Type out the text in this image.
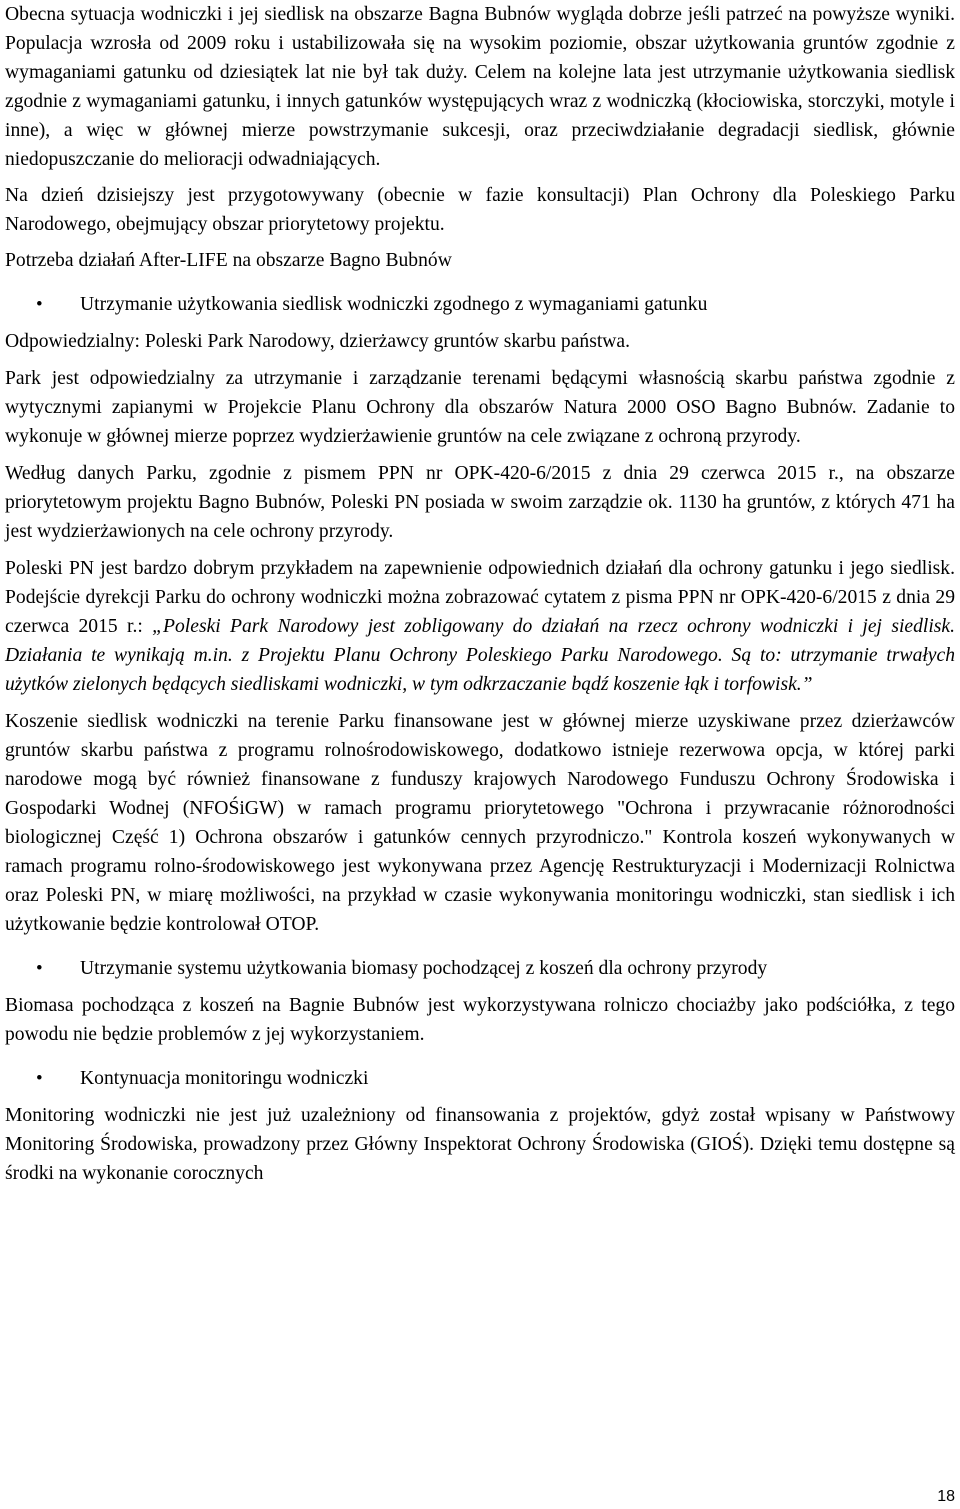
Obecna sytuacja wodniczki i jej siedlisk na obszarze Bagna Bubnów wygląda dobrze jeśli patrzeć na powyższe wyniki. Populacja wzrosła od 2009 roku i ustabilizowała się na wysokim poziomie, obszar użytkowania gruntów zgodnie z wymaganiami gatunku od dziesiątek lat nie był tak duży. Celem na kolejne lata jest utrzymanie użytkowania siedlisk zgodnie z wymaganiami gatunku, i innych gatunków występujących wraz z wodniczką (kłociowiska, storczyki, motyle i inne), a więc w głównej mierze powstrzymanie sukcesji, oraz przeciwdziałanie degradacji siedlisk, głównie niedopuszczanie do melioracji odwadniających.

Na dzień dzisiejszy jest przygotowywany (obecnie w fazie konsultacji) Plan Ochrony dla Poleskiego Parku Narodowego, obejmujący obszar priorytetowy projektu.

Potrzeba działań After-LIFE na obszarze Bagno Bubnów

• Utrzymanie użytkowania siedlisk wodniczki zgodnego z wymaganiami gatunku

Odpowiedzialny: Poleski Park Narodowy, dzierżawcy gruntów skarbu państwa.

Park jest odpowiedzialny za utrzymanie i zarządzanie terenami będącymi własnością skarbu państwa zgodnie z wytycznymi zapianymi w Projekcie Planu Ochrony dla obszarów Natura 2000 OSO Bagno Bubnów. Zadanie to wykonuje w głównej mierze poprzez wydzierżawienie gruntów na cele związane z ochroną przyrody.

Według danych Parku, zgodnie z pismem PPN nr OPK-420-6/2015 z dnia 29 czerwca 2015 r., na obszarze priorytetowym projektu Bagno Bubnów, Poleski PN posiada w swoim zarządzie ok. 1130 ha gruntów, z których 471 ha jest wydzierżawionych na cele ochrony przyrody.

Poleski PN jest bardzo dobrym przykładem na zapewnienie odpowiednich działań dla ochrony gatunku i jego siedlisk. Podejście dyrekcji Parku do ochrony wodniczki można zobrazować cytatem z pisma PPN nr OPK-420-6/2015 z dnia 29 czerwca 2015 r.: „Poleski Park Narodowy jest zobligowany do działań na rzecz ochrony wodniczki i jej siedlisk. Działania te wynikają m.in. z Projektu Planu Ochrony Poleskiego Parku Narodowego. Są to: utrzymanie trwałych użytków zielonych będących siedliskami wodniczki, w tym odkrzaczanie bądź koszenie łąk i torfowisk.”

Koszenie siedlisk wodniczki na terenie Parku finansowane jest w głównej mierze uzyskiwane przez dzierżawców gruntów skarbu państwa z programu rolnośrodowiskowego, dodatkowo istnieje rezerwowa opcja, w której parki narodowe mogą być również finansowane z funduszy krajowych Narodowego Funduszu Ochrony Środowiska i Gospodarki Wodnej (NFOŚiGW) w ramach programu priorytetowego "Ochrona i przywracanie różnorodności biologicznej Część 1) Ochrona obszarów i gatunków cennych przyrodniczo." Kontrola koszeń wykonywanych w ramach programu rolno-środowiskowego jest wykonywana przez Agencję Restrukturyzacji i Modernizacji Rolnictwa oraz Poleski PN, w miarę możliwości, na przykład w czasie wykonywania monitoringu wodniczki, stan siedlisk i ich użytkowanie będzie kontrolował OTOP.

• Utrzymanie systemu użytkowania biomasy pochodzącej z koszeń dla ochrony przyrody

Biomasa pochodząca z koszeń na Bagnie Bubnów jest wykorzystywana rolniczo chociażby jako podściółka, z tego powodu nie będzie problemów z jej wykorzystaniem.

• Kontynuacja monitoringu wodniczki

Monitoring wodniczki nie jest już uzależniony od finansowania z projektów, gdyż został wpisany w Państwowy Monitoring Środowiska, prowadzony przez Główny Inspektorat Ochrony Środowiska (GIOŚ). Dzięki temu dostępne są środki na wykonanie corocznych

18
